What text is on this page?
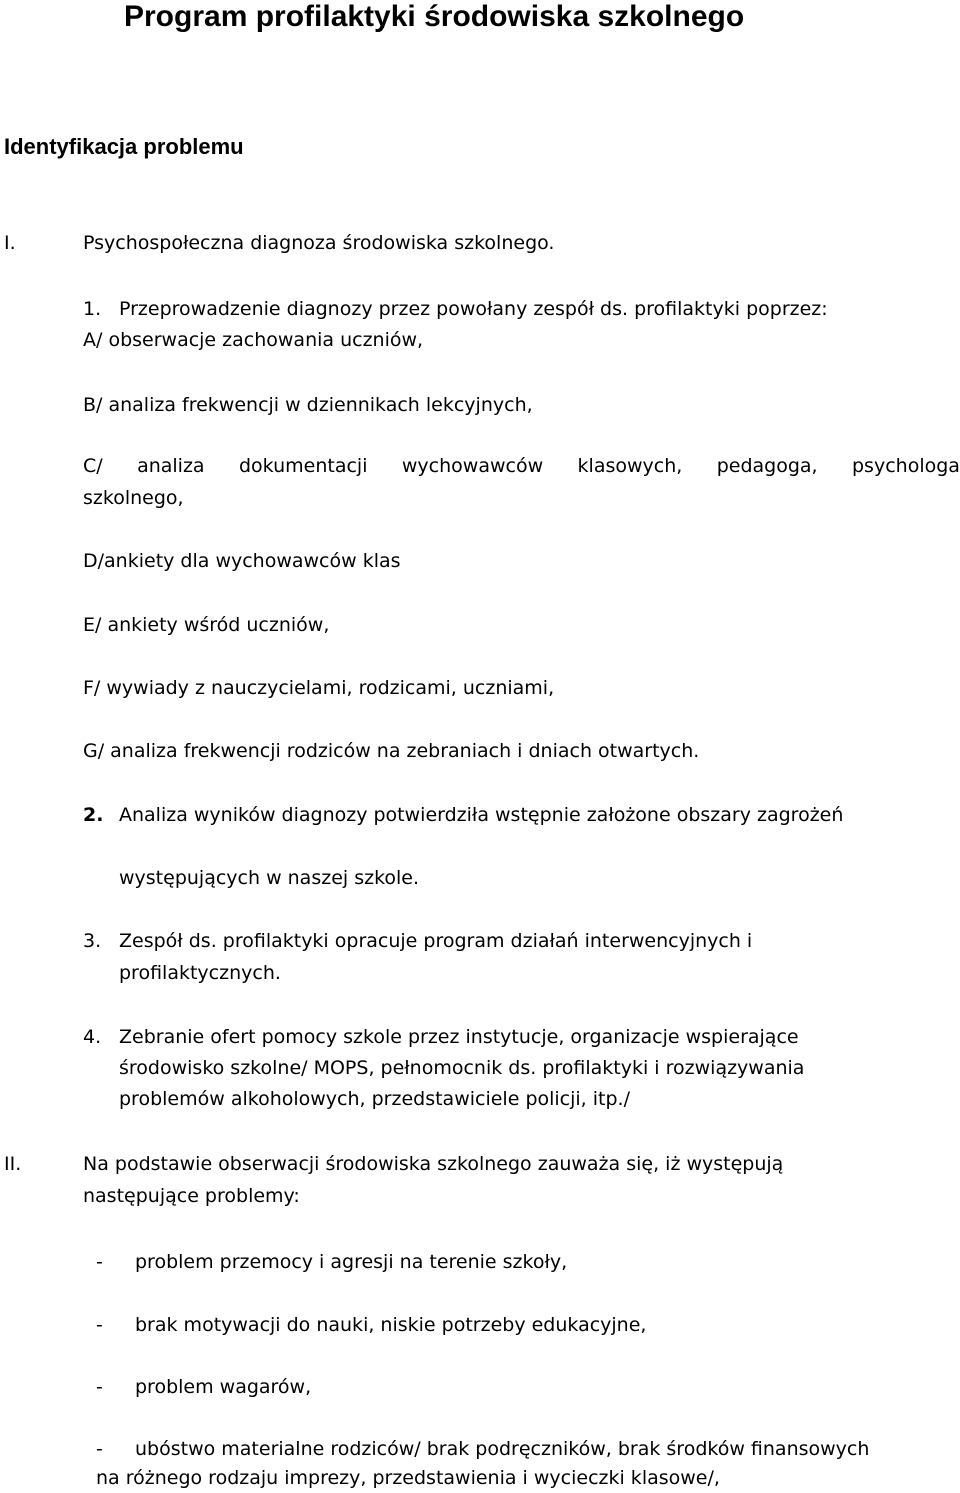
Program profilaktyki środowiska szkolnego
Identyfikacja problemu
I.	Psychospołeczna diagnoza środowiska szkolnego.
1. Przeprowadzenie diagnozy przez powołany zespół ds. profilaktyki poprzez:
A/ obserwacje zachowania uczniów,
B/ analiza frekwencji w dziennikach lekcyjnych,
C/ analiza dokumentacji wychowawców klasowych, pedagoga, psychologa
szkolnego,
D/ankiety dla wychowawców klas
E/ ankiety wśród uczniów,
F/ wywiady z nauczycielami, rodzicami, uczniami,
G/ analiza frekwencji rodziców na zebraniach i dniach otwartych.
2. Analiza wyników diagnozy potwierdziła wstępnie założone obszary zagrożeń
występujących w naszej szkole.
3. Zespół ds. profilaktyki opracuje program działań interwencyjnych i
profilaktycznych.
4. Zebranie ofert pomocy szkole przez instytucje, organizacje wspierające
środowisko szkolne/ MOPS, pełnomocnik ds. profilaktyki i rozwiązywania
problemów alkoholowych, przedstawiciele policji, itp./
II.	Na podstawie obserwacji środowiska szkolnego zauważa się, iż występują
następujące problemy:
- problem przemocy i agresji na terenie szkoły,
- brak motywacji do nauki, niskie potrzeby edukacyjne,
- problem wagarów,
- ubóstwo materialne rodziców/ brak podręczników, brak środków finansowych
na różnego rodzaju imprezy, przedstawienia i wycieczki klasowe/,
